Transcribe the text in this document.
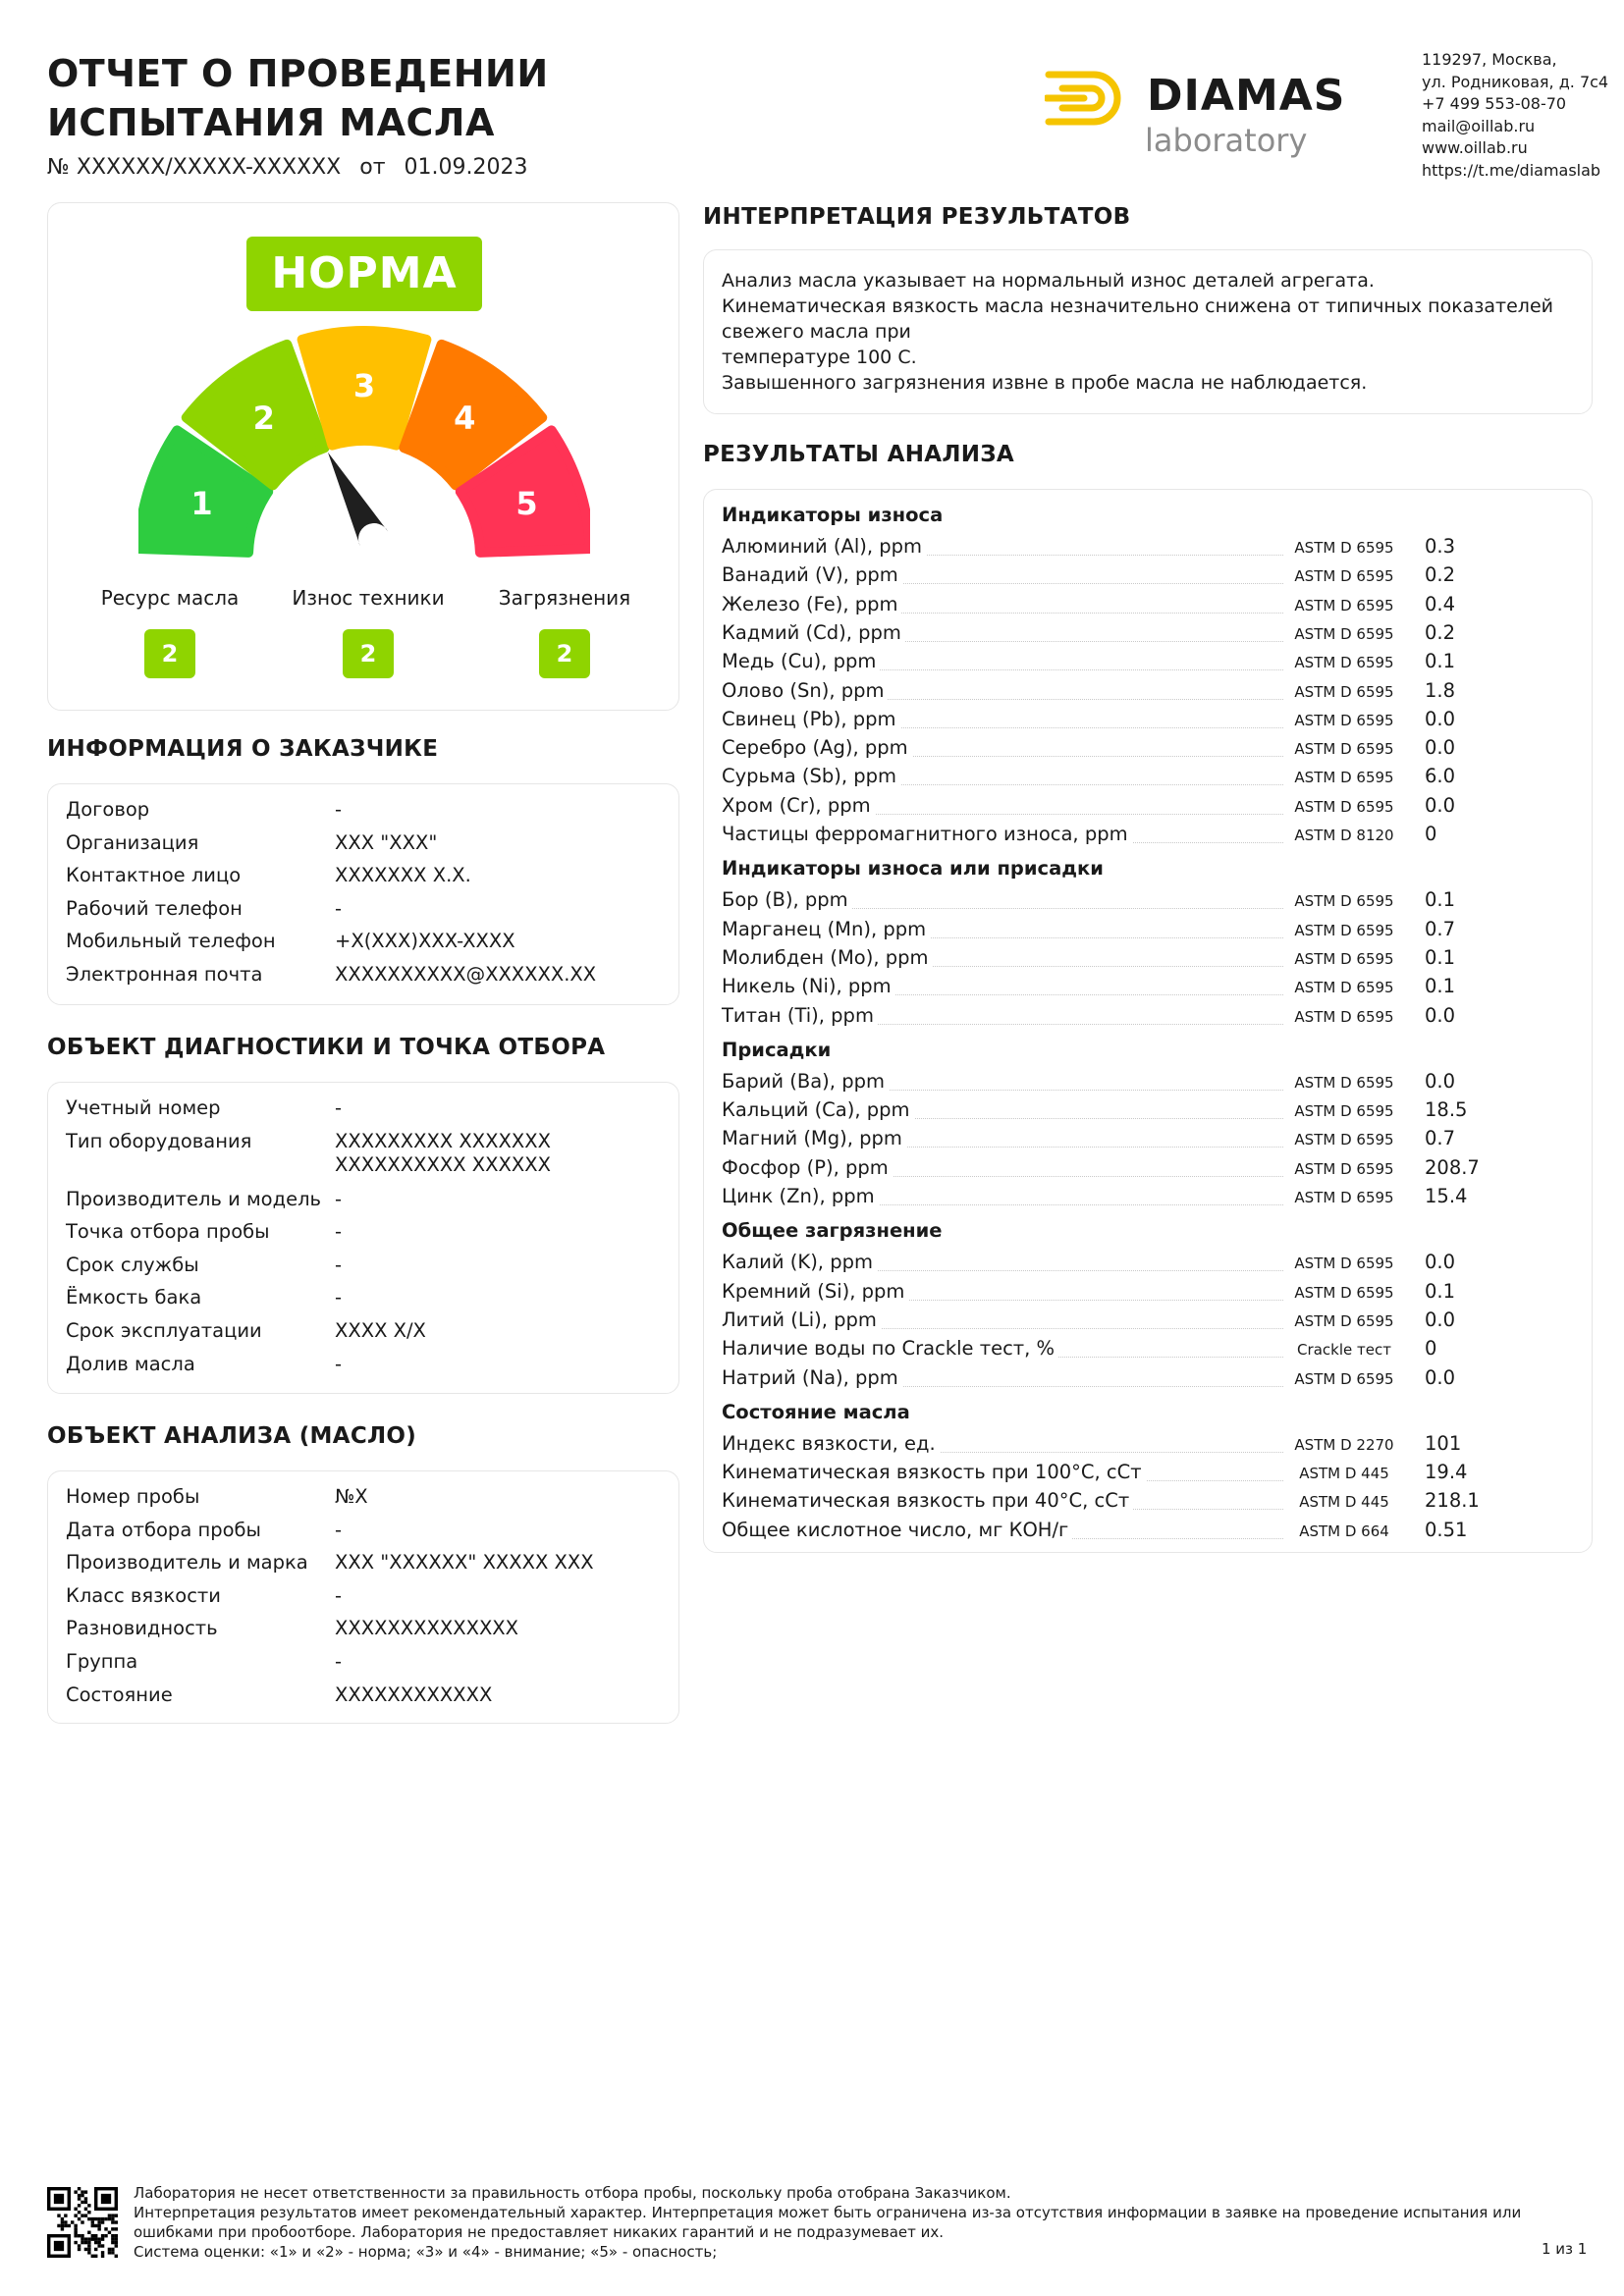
ОТЧЕТ О ПРОВЕДЕНИИ
ИСПЫТАНИЯ МАСЛА
№ XXXXXX/XXXXX-XXXXXX от 01.09.2023
DIAMAS
laboratory
119297, Москва,
ул. Родниковая, д. 7с4
+7 499 553-08-70
mail@oillab.ru
www.oillab.ru
https://t.me/diamaslab
НОРМА
1
2
3
4
5
Ресурс масла	Износ техники	Загрязнения
2	2	2
ИНФОРМАЦИЯ О ЗАКАЗЧИКЕ
Договор	-
Организация	XXX "XXX"
Контактное лицо	XXXXXXX X.X.
Рабочий телефон	-
Мобильный телефон	+X(XXX)XXX-XXXX
Электронная почта	XXXXXXXXXX@XXXXXX.XX
ОБЪЕКТ ДИАГНОСТИКИ И ТОЧКА ОТБОРА
Учетный номер	-
Тип оборудования	XXXXXXXXX XXXXXXX XXXXXXXXXX XXXXXX
Производитель и модель -
Точка отбора пробы	-
Срок службы	-
Ёмкость бака	-
Срок эксплуатации	XXXX X/X
Долив масла	-
ОБЪЕКТ АНАЛИЗА (МАСЛО)
Номер пробы	№X
Дата отбора пробы	-
Производитель и марка	XXX "XXXXXX" XXXXX XXX
Класс вязкости	-
Разновидность	XXXXXXXXXXXXXX
Группа	-
Состояние	XXXXXXXXXXXX
ИНТЕРПРЕТАЦИЯ РЕЗУЛЬТАТОВ
Анализ масла указывает на нормальный износ деталей агрегата.
Кинематическая вязкость масла незначительно снижена от типичных показателей
свежего масла при
температуре 100 С.
Завышенного загрязнения извне в пробе масла не наблюдается.
РЕЗУЛЬТАТЫ АНАЛИЗА
Индикаторы износа
Алюминий (Al), ppm	ASTM D 6595	0.3
Ванадий (V), ppm	ASTM D 6595	0.2
Железо (Fe), ppm	ASTM D 6595	0.4
Кадмий (Cd), ppm	ASTM D 6595	0.2
Медь (Cu), ppm	ASTM D 6595	0.1
Олово (Sn), ppm	ASTM D 6595	1.8
Свинец (Pb), ppm	ASTM D 6595	0.0
Серебро (Ag), ppm	ASTM D 6595	0.0
Сурьма (Sb), ppm	ASTM D 6595	6.0
Хром (Cr), ppm	ASTM D 6595	0.0
Частицы ферромагнитного износа, ppm	ASTM D 8120	0
Индикаторы износа или присадки
Бор (B), ppm	ASTM D 6595	0.1
Марганец (Mn), ppm	ASTM D 6595	0.7
Молибден (Mo), ppm	ASTM D 6595	0.1
Никель (Ni), ppm	ASTM D 6595	0.1
Титан (Ti), ppm	ASTM D 6595	0.0
Присадки
Барий (Ba), ppm	ASTM D 6595	0.0
Кальций (Ca), ppm	ASTM D 6595	18.5
Магний (Mg), ppm	ASTM D 6595	0.7
Фосфор (P), ppm	ASTM D 6595	208.7
Цинк (Zn), ppm	ASTM D 6595	15.4
Общее загрязнение
Калий (K), ppm	ASTM D 6595	0.0
Кремний (Si), ppm	ASTM D 6595	0.1
Литий (Li), ppm	ASTM D 6595	0.0
Наличие воды по Crackle тест, %	Crackle тест	0
Натрий (Na), ppm	ASTM D 6595	0.0
Состояние масла
Индекс вязкости, ед.	ASTM D 2270	101
Кинематическая вязкость при 100°C, сСт	ASTM D 445	19.4
Кинематическая вязкость при 40°C, сСт	ASTM D 445	218.1
Общее кислотное число, мг КОН/г	ASTM D 664	0.51
Лаборатория не несет ответственности за правильность отбора пробы, поскольку проба отобрана Заказчиком.
Интерпретация результатов имеет рекомендательный характер. Интерпретация может быть ограничена из-за отсутствия информации в заявке на проведение испытания или
ошибками при пробоотборе. Лаборатория не предоставляет никаких гарантий и не подразумевает их.
Система оценки: «1» и «2» - норма; «3» и «4» - внимание; «5» - опасность;	1 из 1
